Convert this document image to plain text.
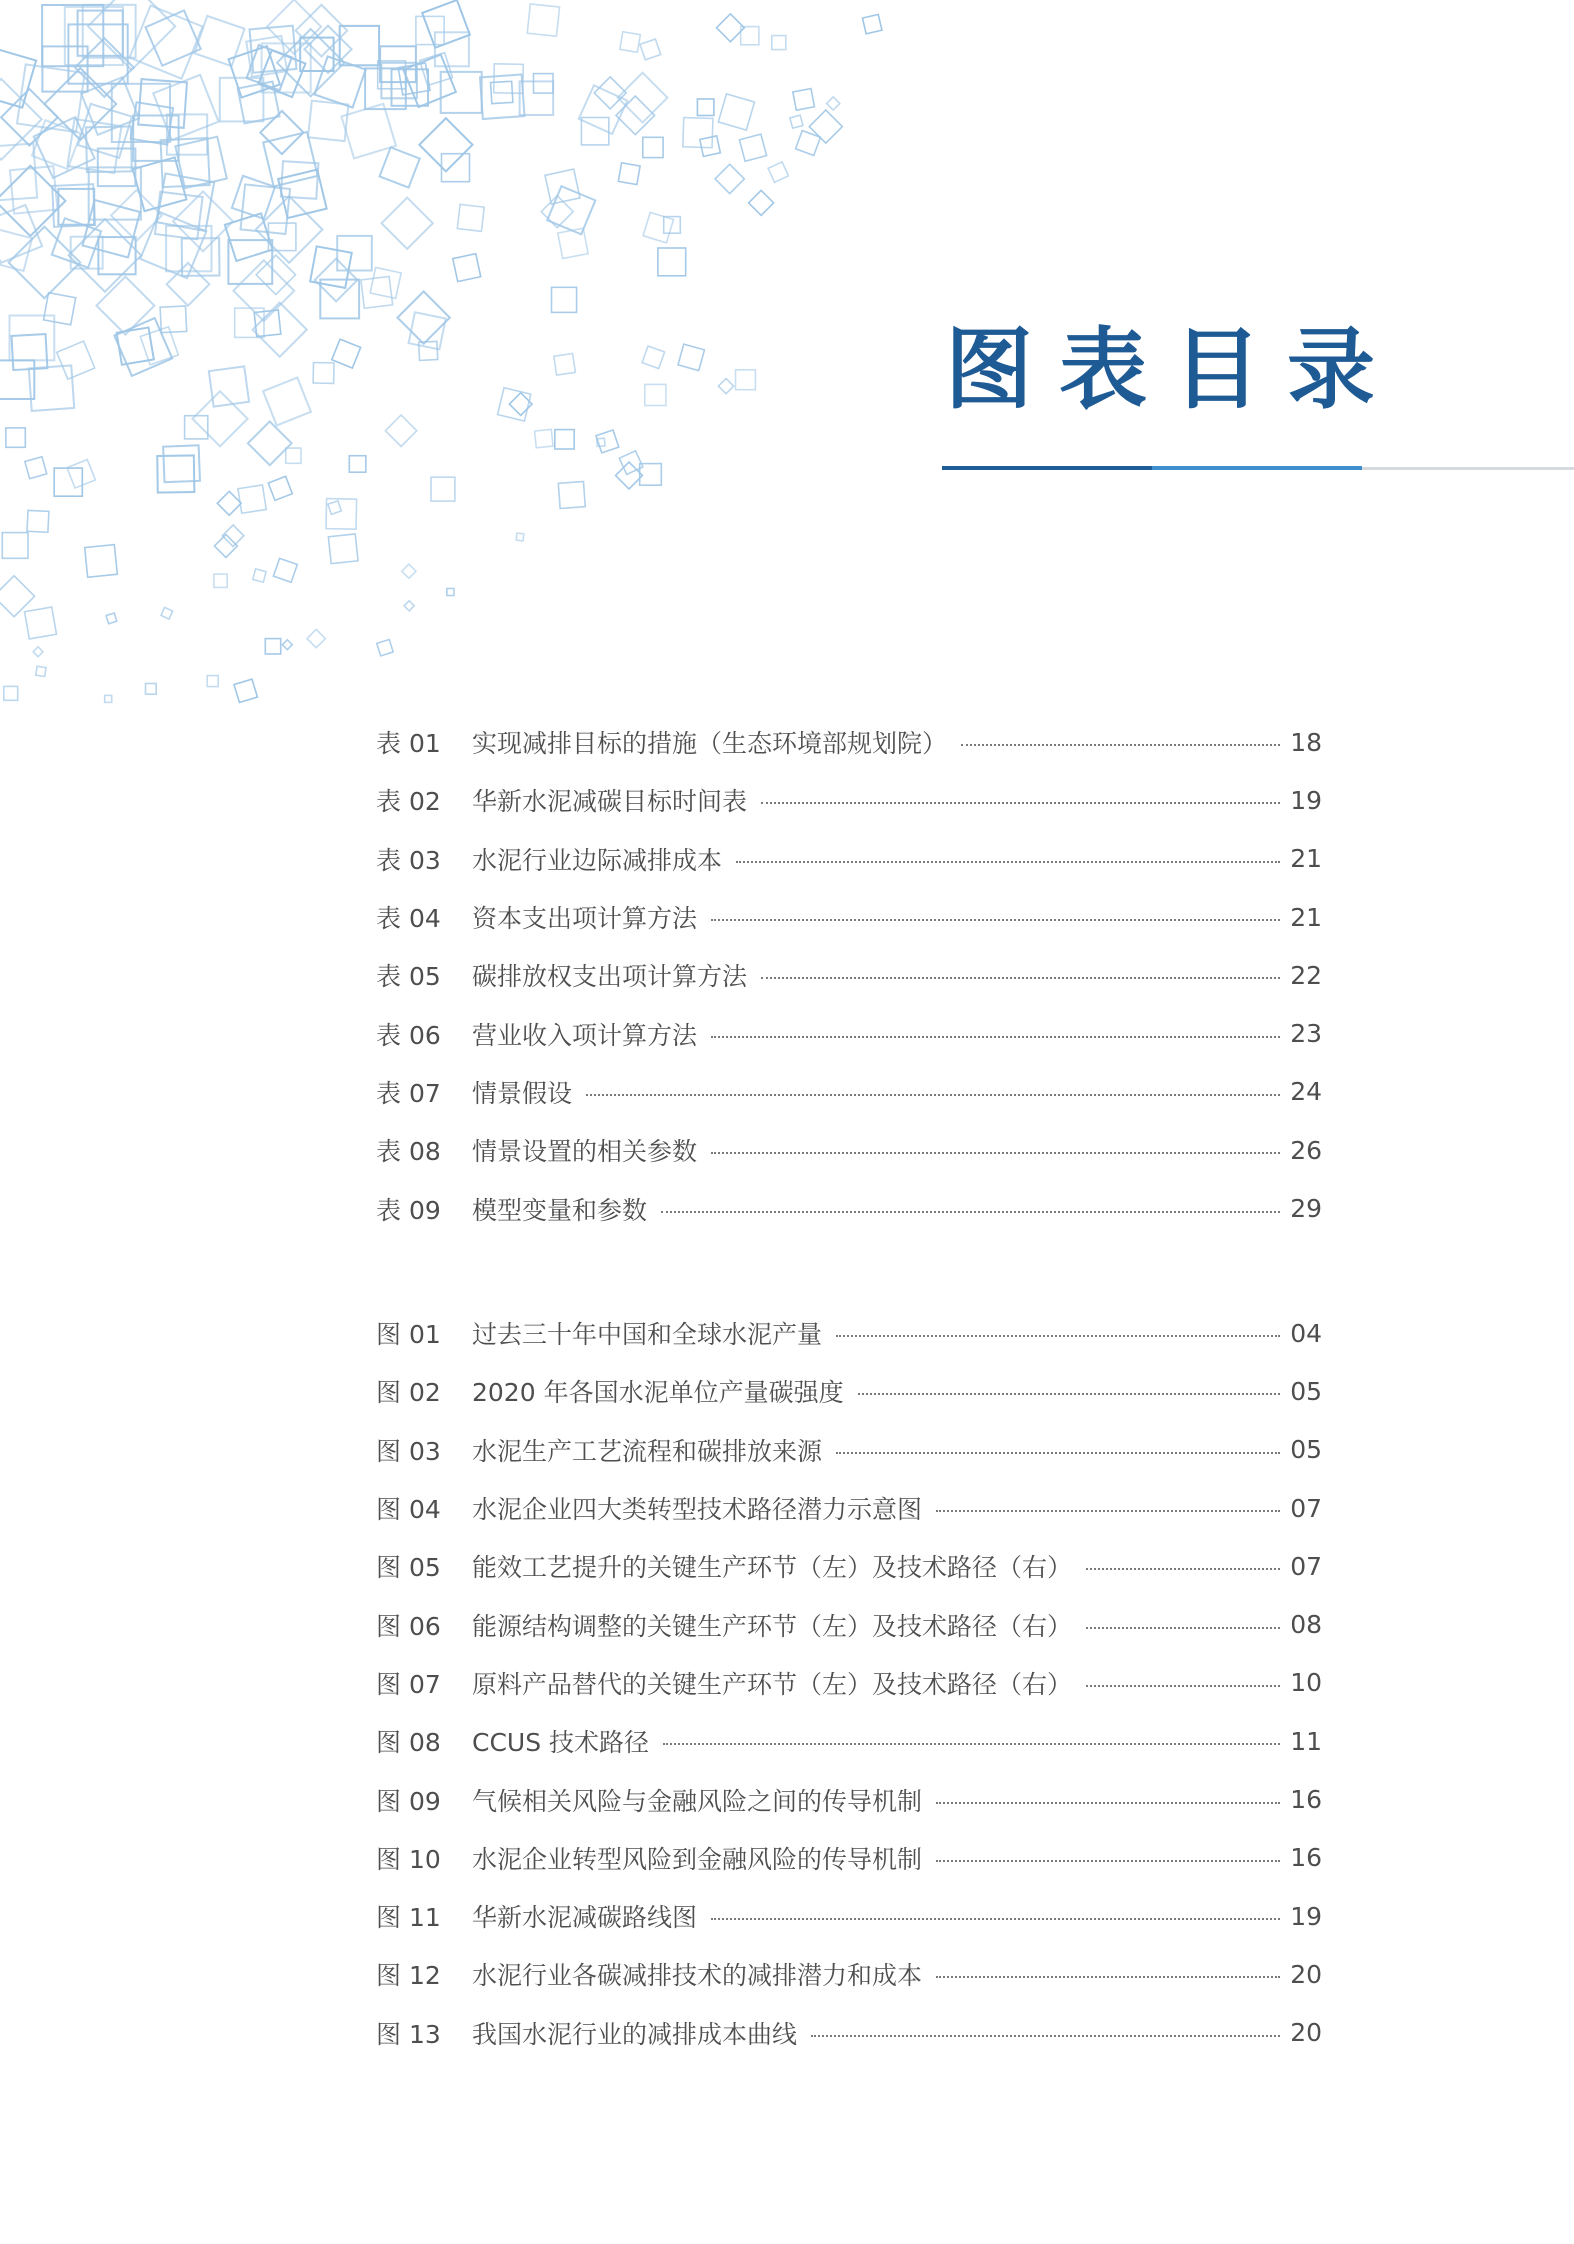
图表目录
表 01	实现减排目标的措施（生态环境部规划院）	18
表 02	华新水泥减碳目标时间表	19
表 03	水泥行业边际减排成本	21
表 04	资本支出项计算方法	21
表 05	碳排放权支出项计算方法	22
表 06	营业收入项计算方法	23
表 07	情景假设	24
表 08	情景设置的相关参数	26
表 09	模型变量和参数	29
图 01	过去三十年中国和全球水泥产量	04
图 02	2020 年各国水泥单位产量碳强度	05
图 03	水泥生产工艺流程和碳排放来源	05
图 04	水泥企业四大类转型技术路径潜力示意图	07
图 05	能效工艺提升的关键生产环节（左）及技术路径（右）	07
图 06	能源结构调整的关键生产环节（左）及技术路径（右）	08
图 07	原料产品替代的关键生产环节（左）及技术路径（右）	10
图 08	CCUS 技术路径	11
图 09	气候相关风险与金融风险之间的传导机制	16
图 10	水泥企业转型风险到金融风险的传导机制	16
图 11	华新水泥减碳路线图	19
图 12	水泥行业各碳减排技术的减排潜力和成本	20
图 13	我国水泥行业的减排成本曲线	20
